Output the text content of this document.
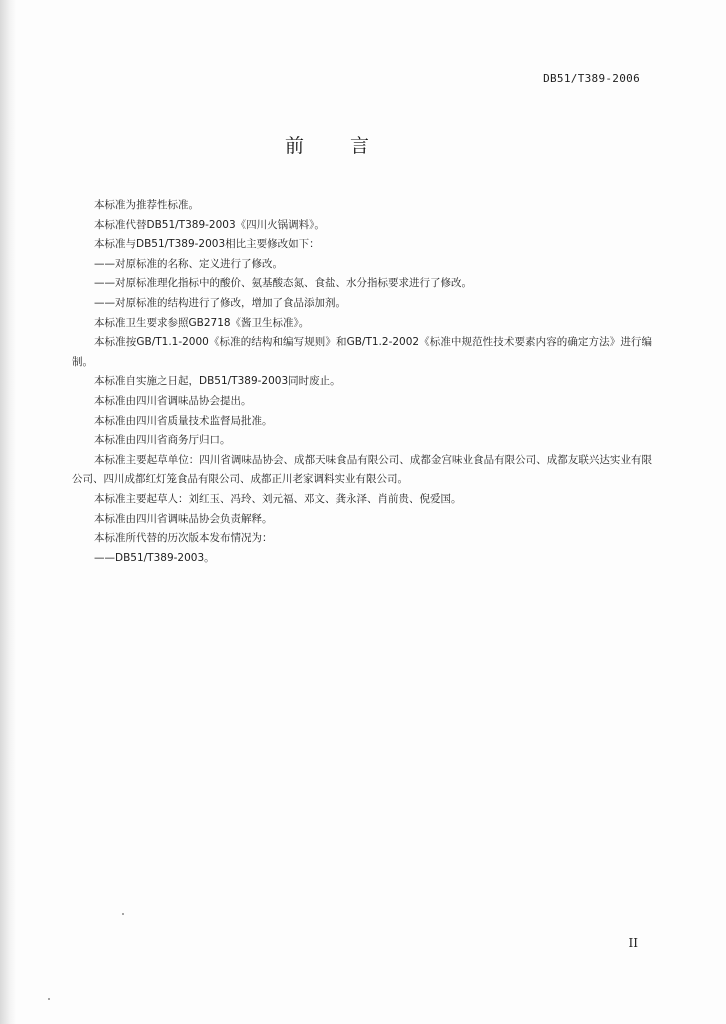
DB51/T389-2006
前言

本标准为推荐性标准。

本标准代替DB51/T389-2003《四川火锅调料》。

本标准与DB51/T389-2003相比主要修改如下：

——对原标准的名称、定义进行了修改。

——对原标准理化指标中的酸价、氨基酸态氮、食盐、水分指标要求进行了修改。

——对原标准的结构进行了修改，增加了食品添加剂。

本标准卫生要求参照GB2718《酱卫生标准》。

本标准按GB/T1.1-2000《标准的结构和编写规则》和GB/T1.2-2002《标准中规范性技术要素内容的确定方法》进行编制。

本标准自实施之日起，DB51/T389-2003同时废止。

本标准由四川省调味品协会提出。

本标准由四川省质量技术监督局批准。

本标准由四川省商务厅归口。

本标准主要起草单位：四川省调味品协会、成都天味食品有限公司、成都金宫味业食品有限公司、成都友联兴达实业有限公司、四川成都红灯笼食品有限公司、成都正川老家调料实业有限公司。

本标准主要起草人：刘红玉、冯玲、刘元福、邓文、龚永泽、肖前贵、倪爱国。

本标准由四川省调味品协会负责解释。

本标准所代替的历次版本发布情况为：

——DB51/T389-2003。

II
